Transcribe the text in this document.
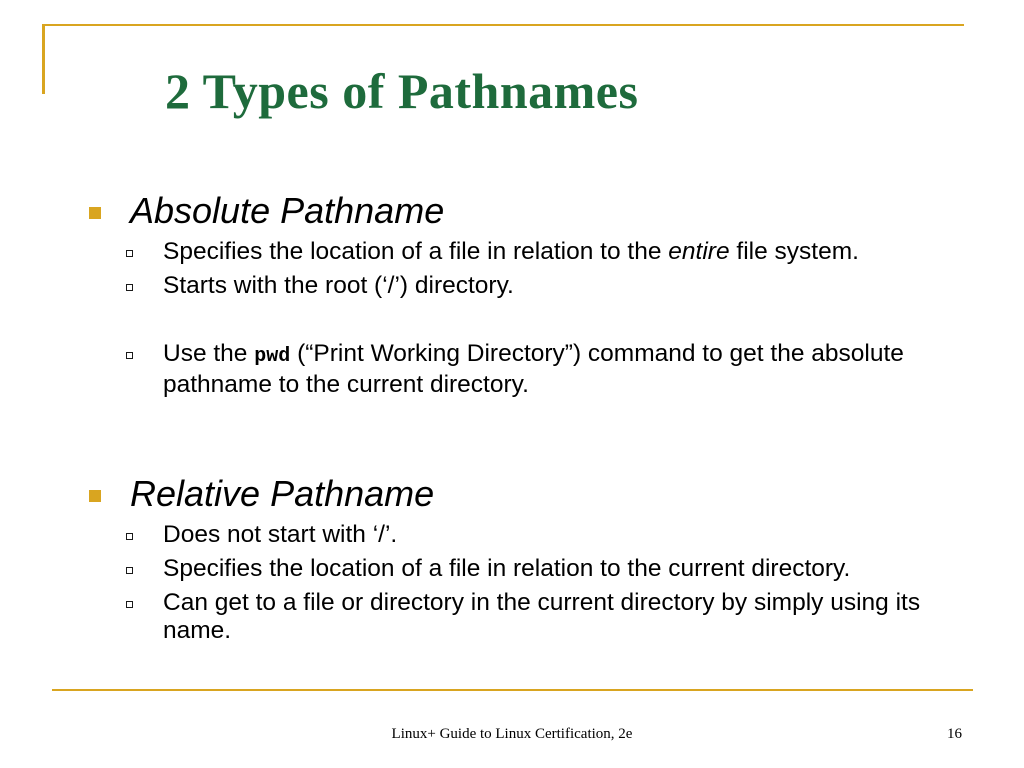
2 Types of Pathnames
Absolute Pathname
Specifies the location of a file in relation to the entire file system.
Starts with the root (‘/’) directory.
Use the pwd (“Print Working Directory”) command to get the absolute pathname to the current directory.
Relative Pathname
Does not start with ‘/’.
Specifies the location of a file in relation to the current directory.
Can get to a file or directory in the current directory by simply using its name.
Linux+ Guide to Linux Certification, 2e	16
